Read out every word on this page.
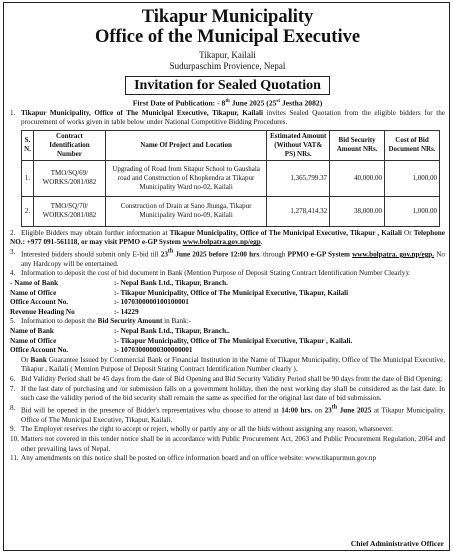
Tikapur Municipality
Office of the Municipal Executive
Tikapur, Kailali
Sudurpaschim Provience, Nepal
Invitation for Sealed Quotation
First Date of Publication: - 8th June 2025 (25st Jestha 2082)
1. Tikapur Municipality, Office of The Municipal Executive, Tikapur, Kailali invites Sealed Quotation from the eligible bidders for the procurement of works given in table below under National Competitive Bidding Procedures.
S. N.	Contract Identification Number	Name Of Project and Location	Estimated Amount (Without VAT& PS) NRs.	Bid Security Amount NRs.	Cost of Bid Document NRs.
1.	TMO/SQ/69/ WORKS/2081/082	Upgrading of Road from Sitapur School to Gaushala road and Construction of Khopkendra at Tikapur Municipality Ward no-02, Kailali	1,365,799.37	40,000.00	1,000.00
2.	TMO/SQ/70/ WORKS/2081/082	Construction of Drain at Sano Jhunga, Tikapur Municipality Ward no-09, Kailali	1,278,414.32	38,000.00	1,000.00
2. Eligible Bidders may obtain further information at Tikapur Municipality, Office of The Municipal Executive, Tikapur , Kailali Or Telephone NO.: +977 091-561118, or may visit PPMO e-GP System www.bolpatra.gov.np/egp.
3. Interested bidders should submit only E-bid till 23th June 2025 before 12:00 hrs. through PPMO e-GP System www.bolpatra. gov.np/egp. No any Hardcopy will be entertained.
4. Information to deposit the cost of bid document in Bank (Mention Purpose of Deposit Stating Contract Identification Number Clearly):
- Name of Bank	:- Nepal Bank Ltd., Tikapur, Branch.
Name of Office	:- Tikapur Municipality, Office of The Municipal Executive, Tikapur, Kailali
Office Account No.	:- 1070300000100100001
Revenue Heading No	:- 14229
5. Information to deposit the Bid Security Amount in Bank:-
Name of Bank	:- Nepal Bank Ltd., Tikapur, Branch..
Name of Office	:- Tikapur Municipality, Office of The Municipal Executive, Tikapur , Kailali.
Office Account No.	:- 10703000000300000001
Or Bank Guarantee Issued by Commercial Bank or Financial Institution in the Name of Tikapur Municipality, Office of The Municipal Executive, Tikapur , Kailali ( Mention Purpose of Deposit Stating Contract Identification Number clearly ).
6. Bid Validity Period shall be 45 days from the date of Bid Opening and Bid Security Validity Period shall be 90 days from the date of Bid Opening.
7. If the last date of purchasing and /or submission falls on a government holiday, then the next working day shall be considered as the last date. In such case the validity period of the bid security shall remain the same as specified for the original last date of bid submission.
8. Bid will be opened in the presence of Bidder's representatives who choose to attend at 14:00 hrs. on 23th June 2025 at Tikapur Municipality, Office of The Municipal Executive, Tikapur, Kailali.
9. The Employer reserves the right to accept or reject, wholly or partly any or all the bids without assigning any reason, whatsoever.
10. Matters not covered in this tender notice shall be in accordance with Public Procurement Act, 2063 and Public Procurement Regulation, 2064 and other prevailing laws of Nepal.
11. Any amendments on this notice shall be posted on office information board and on office website: www.tikapurmun.gov.np
Chief Administrative Officer
